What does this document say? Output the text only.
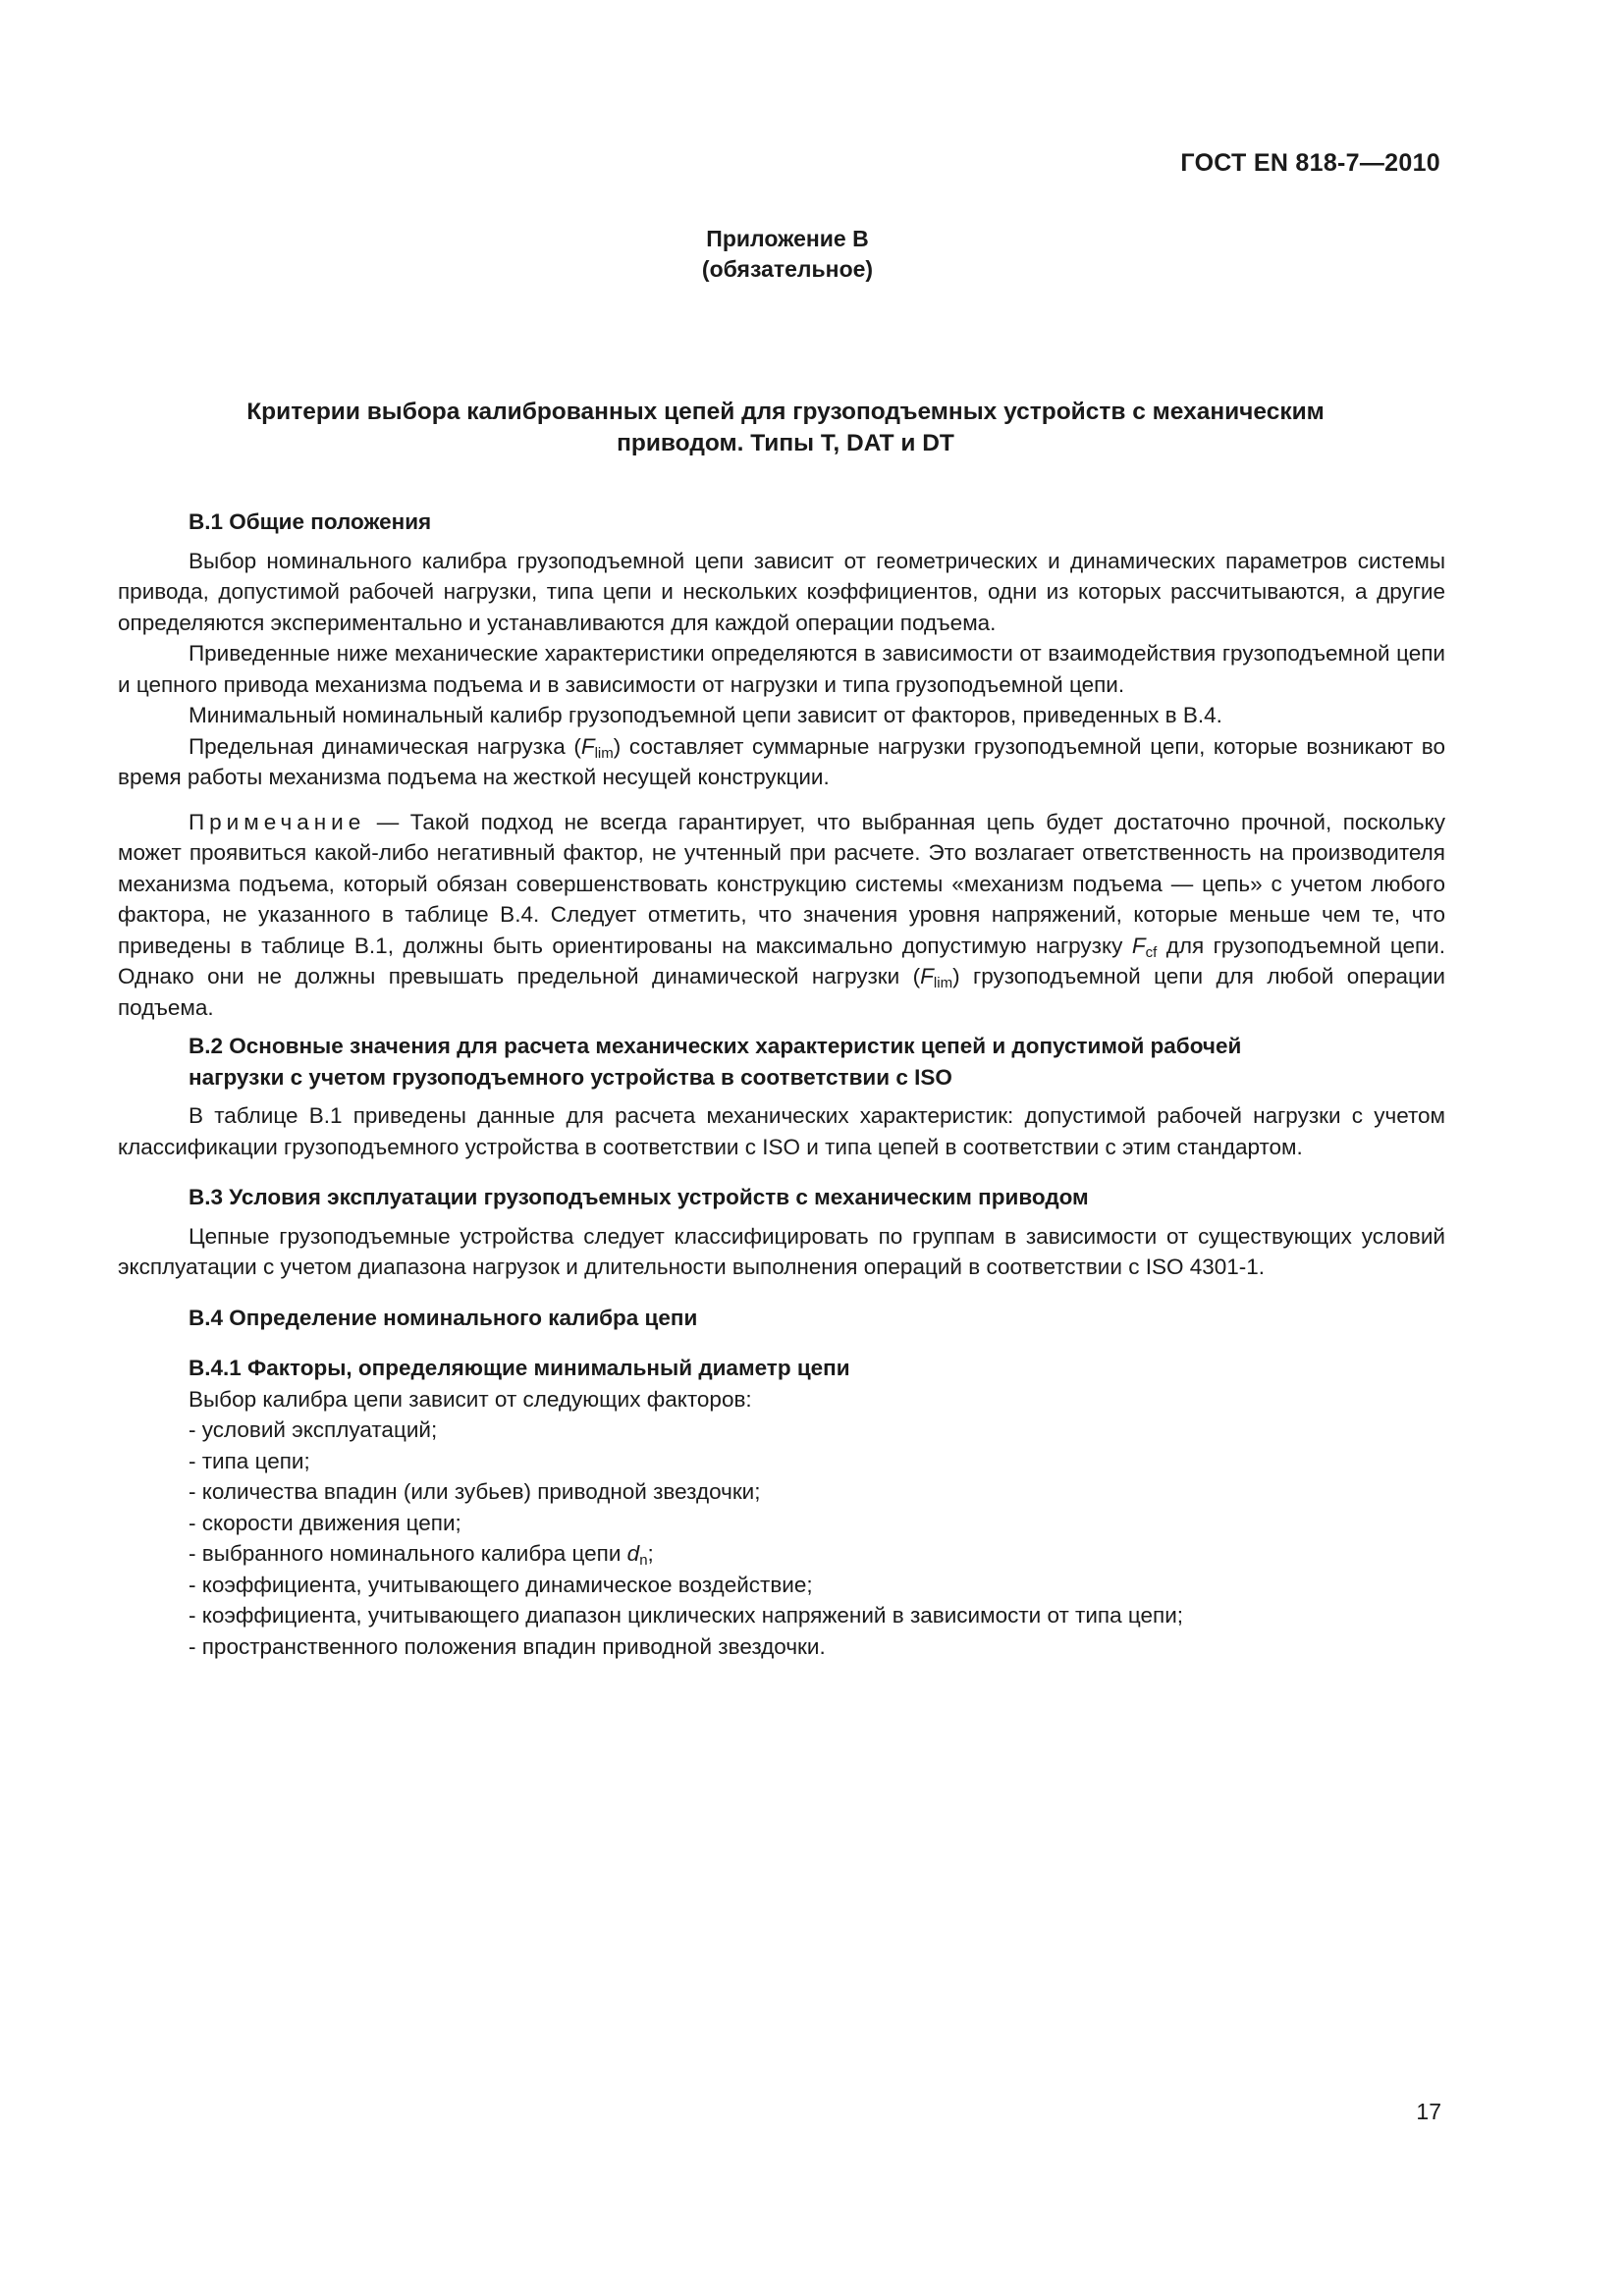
ГОСТ EN 818-7—2010
Приложение В
(обязательное)
Критерии выбора калиброванных цепей для грузоподъемных устройств с механическим
приводом. Типы Т, DAT и DT

В.1 Общие положения

Выбор номинального калибра грузоподъемной цепи зависит от геометрических и динамических параметров системы привода, допустимой рабочей нагрузки, типа цепи и нескольких коэффициентов, одни из которых рассчитываются, а другие определяются экспериментально и устанавливаются для каждой операции подъема.

Приведенные ниже механические характеристики определяются в зависимости от взаимодействия грузоподъемной цепи и цепного привода механизма подъема и в зависимости от нагрузки и типа грузоподъемной цепи.

Минимальный номинальный калибр грузоподъемной цепи зависит от факторов, приведенных в В.4.

Предельная динамическая нагрузка $(F_{lim})$ составляет суммарные нагрузки грузоподъемной цепи, которые возникают во время работы механизма подъема на жесткой несущей конструкции.

Примечание — Такой подход не всегда гарантирует, что выбранная цепь будет достаточно прочной, поскольку может проявиться какой-либо негативный фактор, не учтенный при расчете. Это возлагает ответственность на производителя механизма подъема, который обязан совершенствовать конструкцию системы «механизм подъема — цепь» с учетом любого фактора, не указанного в таблице В.4. Следует отметить, что значения уровня напряжений, которые меньше чем те, что приведены в таблице В.1, должны быть ориентированы на максимально допустимую нагрузку $F_{cf}$ для грузоподъемной цепи. Однако они не должны превышать предельной динамической нагрузки $(F_{lim})$ грузоподъемной цепи для любой операции подъема.

В.2 Основные значения для расчета механических характеристик цепей и допустимой рабочей
нагрузки с учетом грузоподъемного устройства в соответствии с ISO

В таблице В.1 приведены данные для расчета механических характеристик: допустимой рабочей нагрузки с учетом классификации грузоподъемного устройства в соответствии с ISO и типа цепей в соответствии с этим стандартом.

В.3 Условия эксплуатации грузоподъемных устройств с механическим приводом

Цепные грузоподъемные устройства следует классифицировать по группам в зависимости от существующих условий эксплуатации с учетом диапазона нагрузок и длительности выполнения операций в соответствии с ISO 4301-1.

В.4 Определение номинального калибра цепи

В.4.1 Факторы, определяющие минимальный диаметр цепи

Выбор калибра цепи зависит от следующих факторов:

- условий эксплуатаций;
- типа цепи;
- количества впадин (или зубьев) приводной звездочки;
- скорости движения цепи;
- выбранного номинального калибра цепи $d_n$;
- коэффициента, учитывающего динамическое воздействие;
- коэффициента, учитывающего диапазон циклических напряжений в зависимости от типа цепи;
- пространственного положения впадин приводной звездочки.
17
